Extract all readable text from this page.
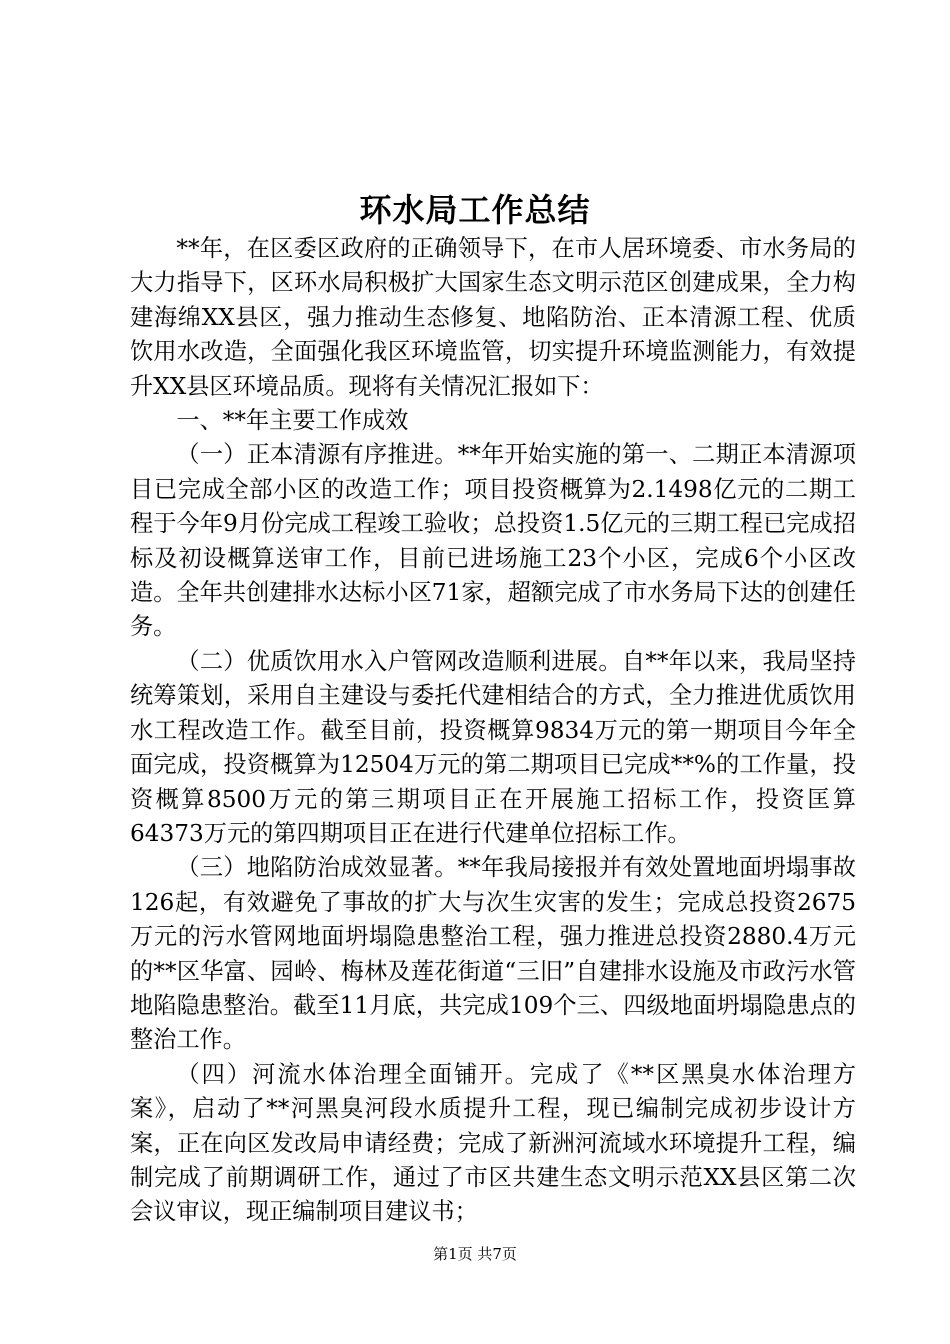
环水局工作总结

**年，在区委区政府的正确领导下，在市人居环境委、市水务局的大力指导下，区环水局积极扩大国家生态文明示范区创建成果，全力构建海绵XX县区，强力推动生态修复、地陷防治、正本清源工程、优质饮用水改造，全面强化我区环境监管，切实提升环境监测能力，有效提升XX县区环境品质。现将有关情况汇报如下：

一、**年主要工作成效

（一）正本清源有序推进。**年开始实施的第一、二期正本清源项目已完成全部小区的改造工作；项目投资概算为2.1498亿元的二期工程于今年9月份完成工程竣工验收；总投资1.5亿元的三期工程已完成招标及初设概算送审工作，目前已进场施工23个小区，完成6个小区改造。全年共创建排水达标小区71家，超额完成了市水务局下达的创建任务。

（二）优质饮用水入户管网改造顺利进展。自**年以来，我局坚持统筹策划，采用自主建设与委托代建相结合的方式，全力推进优质饮用水工程改造工作。截至目前，投资概算9834万元的第一期项目今年全面完成，投资概算为12504万元的第二期项目已完成**%的工作量，投资概算8500万元的第三期项目正在开展施工招标工作，投资匡算64373万元的第四期项目正在进行代建单位招标工作。

（三）地陷防治成效显著。**年我局接报并有效处置地面坍塌事故126起，有效避免了事故的扩大与次生灾害的发生；完成总投资2675万元的污水管网地面坍塌隐患整治工程，强力推进总投资2880.4万元的**区华富、园岭、梅林及莲花街道“三旧”自建排水设施及市政污水管地陷隐患整治。截至11月底，共完成109个三、四级地面坍塌隐患点的整治工作。

（四）河流水体治理全面铺开。完成了《**区黑臭水体治理方案》，启动了**河黑臭河段水质提升工程，现已编制完成初步设计方案，正在向区发改局申请经费；完成了新洲河流域水环境提升工程，编制完成了前期调研工作，通过了市区共建生态文明示范XX县区第二次会议审议，现正编制项目建议书；

第1页 共7页
